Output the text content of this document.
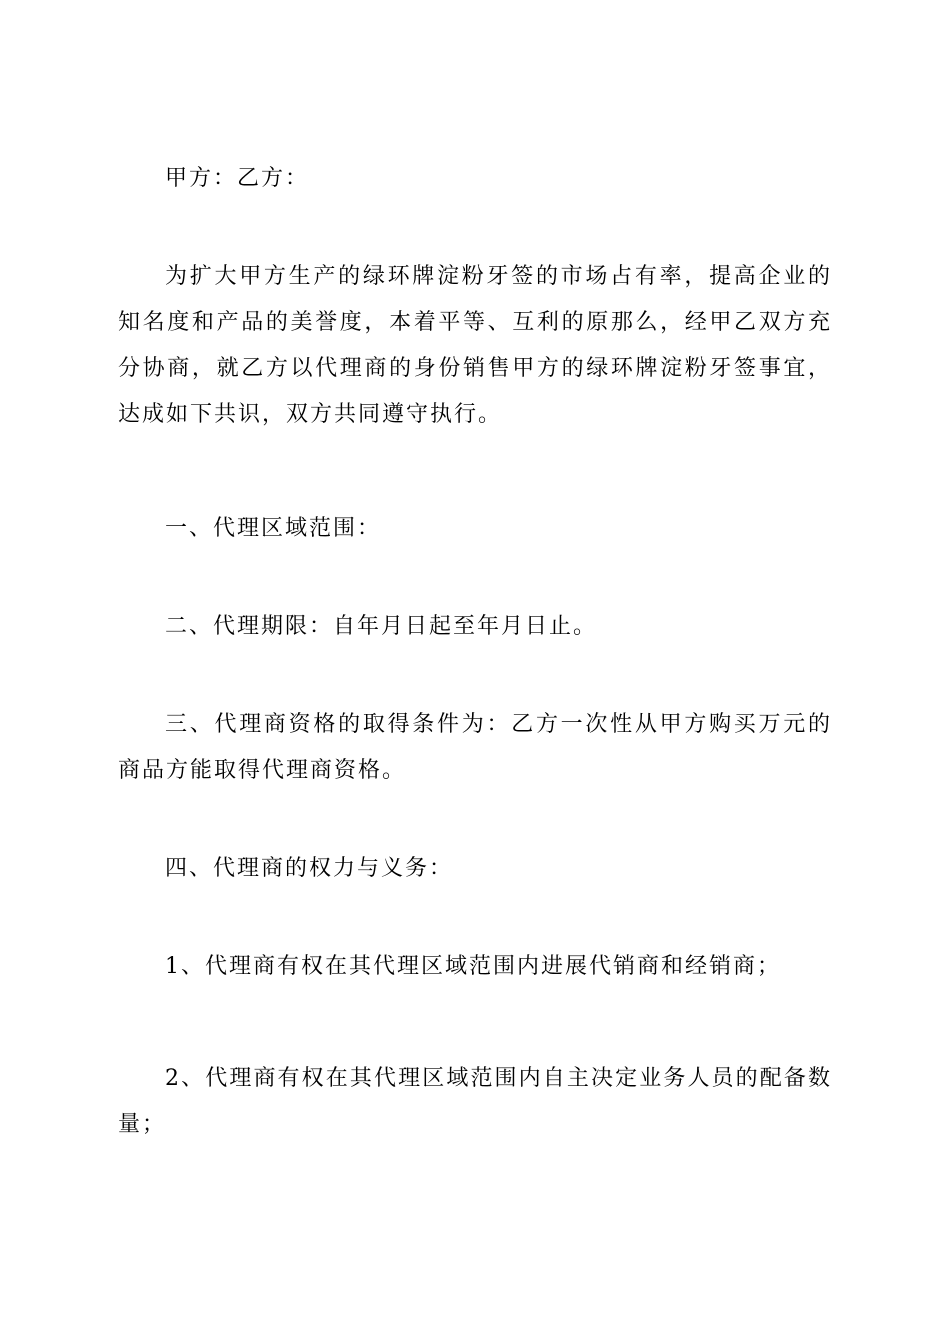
甲方：乙方：

为扩大甲方生产的绿环牌淀粉牙签的市场占有率，提高企业的知名度和产品的美誉度，本着平等、互利的原那么，经甲乙双方充分协商，就乙方以代理商的身份销售甲方的绿环牌淀粉牙签事宜，达成如下共识，双方共同遵守执行。

一、代理区域范围：

二、代理期限：自年月日起至年月日止。

三、代理商资格的取得条件为：乙方一次性从甲方购买万元的商品方能取得代理商资格。

四、代理商的权力与义务：

1、代理商有权在其代理区域范围内进展代销商和经销商；

2、代理商有权在其代理区域范围内自主决定业务人员的配备数量；
